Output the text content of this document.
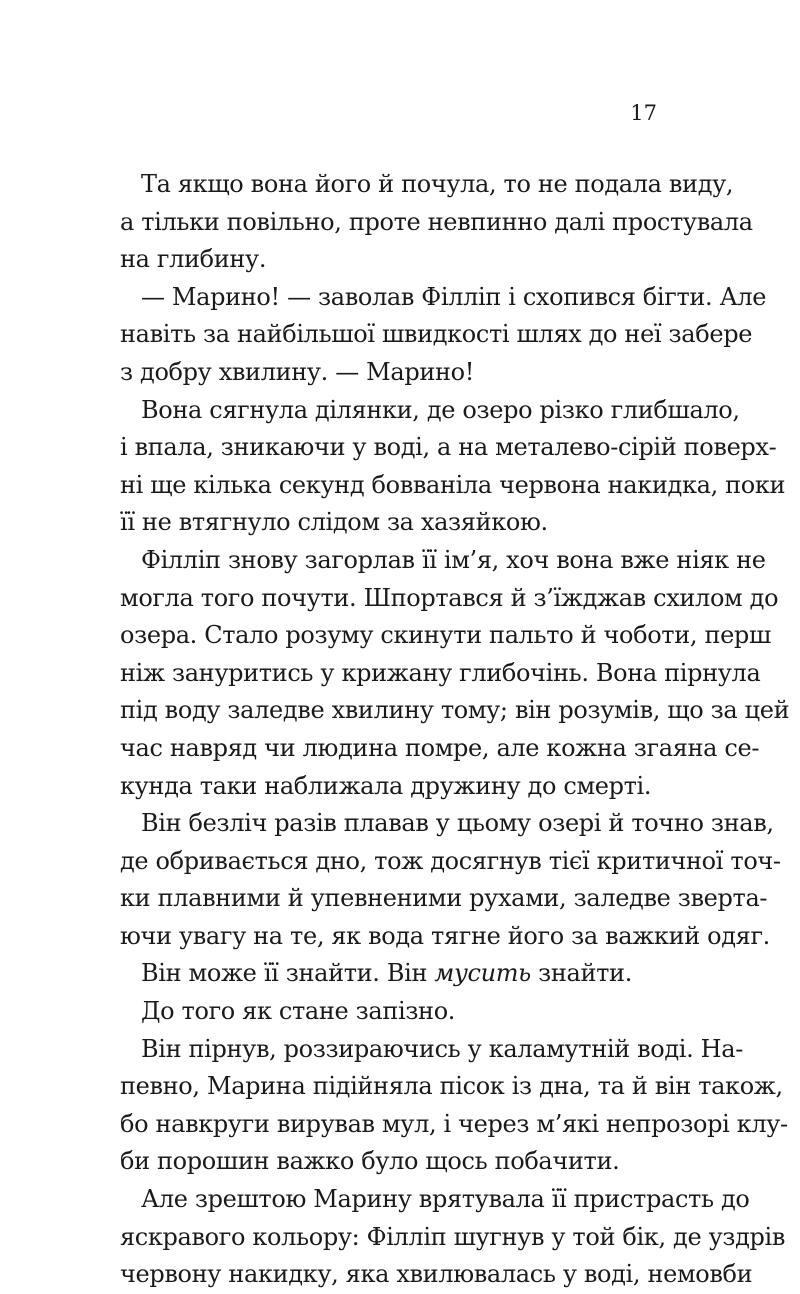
17
Та якщо вона його й почула, то не подала виду,
а тільки повільно, проте невпинно далі простувала
на глибину.
— Марино! — заволав Філліп і схопився бігти. Але
навіть за найбільшої швидкості шлях до неї забере
з добру хвилину. — Марино!
Вона сягнула ділянки, де озеро різко глибшало,
і впала, зникаючи у воді, а на металево-сірій поверх-
ні ще кілька секунд бовваніла червона накидка, поки
її не втягнуло слідом за хазяйкою.
Філліп знову загорлав її ім’я, хоч вона вже ніяк не
могла того почути. Шпортався й з’їжджав схилом до
озера. Стало розуму скинути пальто й чоботи, перш
ніж зануритись у крижану глибочінь. Вона пірнула
під воду заледве хвилину тому; він розумів, що за цей
час навряд чи людина помре, але кожна згаяна се-
кунда таки наближала дружину до смерті.
Він безліч разів плавав у цьому озері й точно знав,
де обривається дно, тож досягнув тієї критичної точ-
ки плавними й упевненими рухами, заледве зверта-
ючи увагу на те, як вода тягне його за важкий одяг.
Він може її знайти. Він мусить знайти.
До того як стане запізно.
Він пірнув, роззираючись у каламутній воді. На-
певно, Марина підійняла пісок із дна, та й він також,
бо навкруги вирував мул, і через м’які непрозорі клу-
би порошин важко було щось побачити.
Але зрештою Марину врятувала її пристрасть до
яскравого кольору: Філліп шугнув у той бік, де уздрів
червону накидку, яка хвилювалась у воді, немовби
